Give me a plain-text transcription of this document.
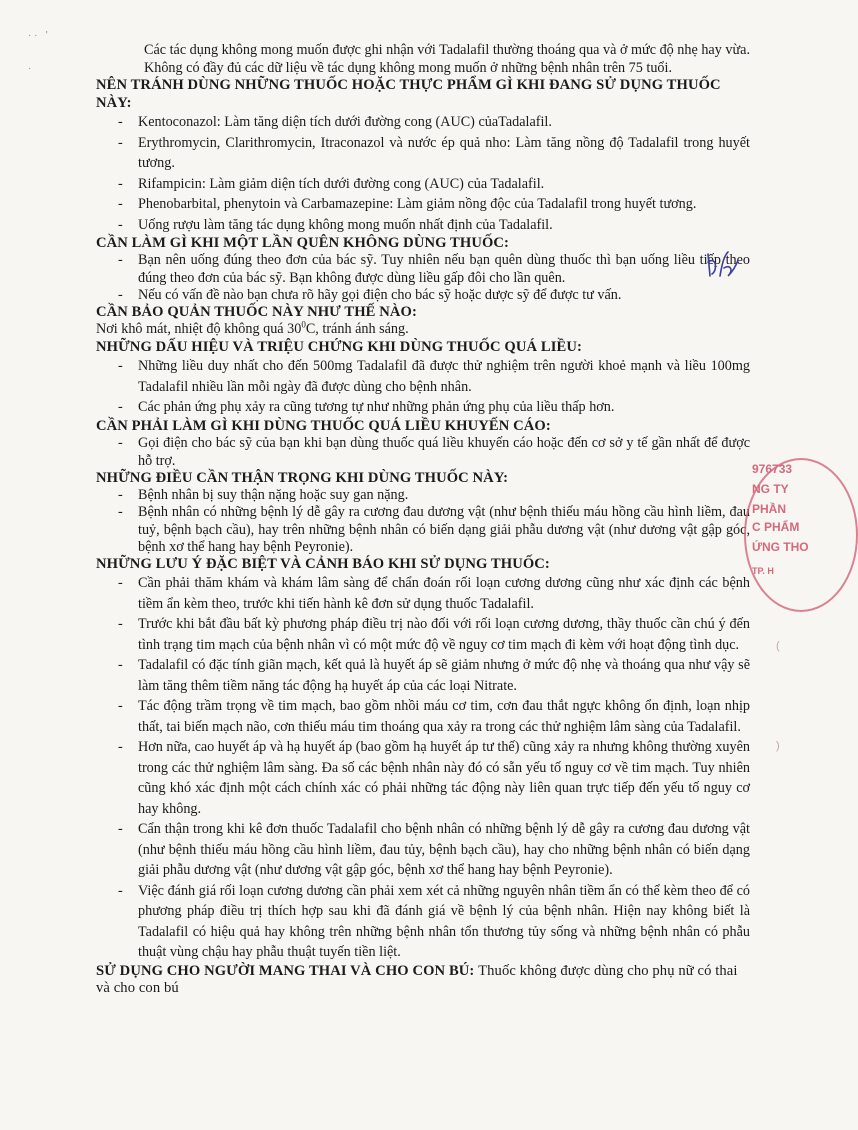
· ·   '

·

Các tác dụng không mong muốn được ghi nhận với Tadalafil thường thoáng qua và ở mức độ nhẹ hay vừa.

Không có đầy đủ các dữ liệu về tác dụng không mong muốn ở những bệnh nhân trên 75 tuổi.

NÊN TRÁNH DÙNG NHỮNG THUỐC HOẶC THỰC PHẨM GÌ KHI ĐANG SỬ DỤNG THUỐC NÀY:

- Kentoconazol: Làm tăng diện tích dưới đường cong (AUC) củaTadalafil.
- Erythromycin, Clarithromycin, Itraconazol và nước ép quả nho: Làm tăng nồng độ Tadalafil trong huyết tương.
- Rifampicin: Làm giảm diện tích dưới đường cong (AUC) của Tadalafil.
- Phenobarbital, phenytoin và Carbamazepine: Làm giảm nồng độc của Tadalafil trong huyết tương.
- Uống rượu làm tăng tác dụng không mong muốn nhất định của Tadalafil.

CẦN LÀM GÌ KHI MỘT LẦN QUÊN KHÔNG DÙNG THUỐC:

- Bạn nên uống đúng theo đơn của bác sỹ. Tuy nhiên nếu bạn quên dùng thuốc thì bạn uống liều tiếp theo đúng theo đơn của bác sỹ. Bạn không được dùng liều gấp đôi cho lần quên.
- Nếu có vấn đề nào bạn chưa rõ hãy gọi điện cho bác sỹ hoặc dược sỹ để được tư vấn.

CẦN BẢO QUẢN THUỐC NÀY NHƯ THẾ NÀO:

Nơi khô mát, nhiệt độ không quá $30^0C$, tránh ánh sáng.

NHỮNG DẤU HIỆU VÀ TRIỆU CHỨNG KHI DÙNG THUỐC QUÁ LIỀU:

- Những liều duy nhất cho đến 500mg Tadalafil đã được thử nghiệm trên người khoẻ mạnh và liều 100mg Tadalafil nhiều lần mỗi ngày đã được dùng cho bệnh nhân.
- Các phản ứng phụ xảy ra cũng tương tự như những phản ứng phụ của liều thấp hơn.

CẦN PHẢI LÀM GÌ KHI DÙNG THUỐC QUÁ LIỀU KHUYẾN CÁO:

- Gọi điện cho bác sỹ của bạn khi bạn dùng thuốc quá liều khuyến cáo hoặc đến cơ sở y tế gần nhất để được hỗ trợ.

NHỮNG ĐIỀU CẦN THẬN TRỌNG KHI DÙNG THUỐC NÀY:

- Bệnh nhân bị suy thận nặng hoặc suy gan nặng.
- Bệnh nhân có những bệnh lý dễ gây ra cương đau dương vật (như bệnh thiếu máu hồng cầu hình liềm, đau tuỷ, bệnh bạch cầu), hay trên những bệnh nhân có biến dạng giải phẫu dương vật (như dương vật gập góc, bệnh xơ thể hang hay bệnh Peyronie).

NHỮNG LƯU Ý ĐẶC BIỆT VÀ CẢNH BÁO KHI SỬ DỤNG THUỐC:

- Cần phải thăm khám và khám lâm sàng để chẩn đoán rối loạn cương dương cũng như xác định các bệnh tiềm ẩn kèm theo, trước khi tiến hành kê đơn sử dụng thuốc Tadalafil.
- Trước khi bắt đầu bất kỳ phương pháp điều trị nào đối với rối loạn cương dương, thầy thuốc cần chú ý đến tình trạng tim mạch của bệnh nhân vì có một mức độ về nguy cơ tim mạch đi kèm với hoạt động tình dục.
- Tadalafil có đặc tính giãn mạch, kết quả là huyết áp sẽ giảm nhưng ở mức độ nhẹ và thoáng qua như vậy sẽ làm tăng thêm tiềm năng tác động hạ huyết áp của các loại Nitrate.
- Tác động trầm trọng về tim mạch, bao gồm nhồi máu cơ tim, cơn đau thắt ngực không ổn định, loạn nhịp thất, tai biến mạch não, cơn thiếu máu tim thoáng qua xảy ra trong các thử nghiệm lâm sàng của Tadalafil.
- Hơn nữa, cao huyết áp và hạ huyết áp (bao gồm hạ huyết áp tư thế) cũng xảy ra nhưng không thường xuyên trong các thử nghiệm lâm sàng. Đa số các bệnh nhân này đó có sẵn yếu tố nguy cơ về tim mạch. Tuy nhiên cũng khó xác định một cách chính xác có phải những tác động này liên quan trực tiếp đến yếu tố nguy cơ hay không.
- Cẩn thận trong khi kê đơn thuốc Tadalafil cho bệnh nhân có những bệnh lý dễ gây ra cương đau dương vật (như bệnh thiếu máu hồng cầu hình liềm, đau tủy, bệnh bạch cầu), hay cho những bệnh nhân có biến dạng giải phẫu dương vật (như dương vật gập góc, bệnh xơ thể hang hay bệnh Peyronie).
- Việc đánh giá rối loạn cương dương cần phải xem xét cả những nguyên nhân tiềm ẩn có thể kèm theo để có phương pháp điều trị thích hợp sau khi đã đánh giá về bệnh lý của bệnh nhân. Hiện nay không biết là Tadalafil có hiệu quả hay không trên những bệnh nhân tổn thương tủy sống và những bệnh nhân có phẫu thuật vùng chậu hay phẫu thuật tuyến tiền liệt.

SỬ DỤNG CHO NGƯỜI MANG THAI VÀ CHO CON BÚ: Thuốc không được dùng cho phụ nữ có thai và cho con bú

976733
NG TY
PHẦN
C PHẨM
ỨNG THO
TP. H
(
)
